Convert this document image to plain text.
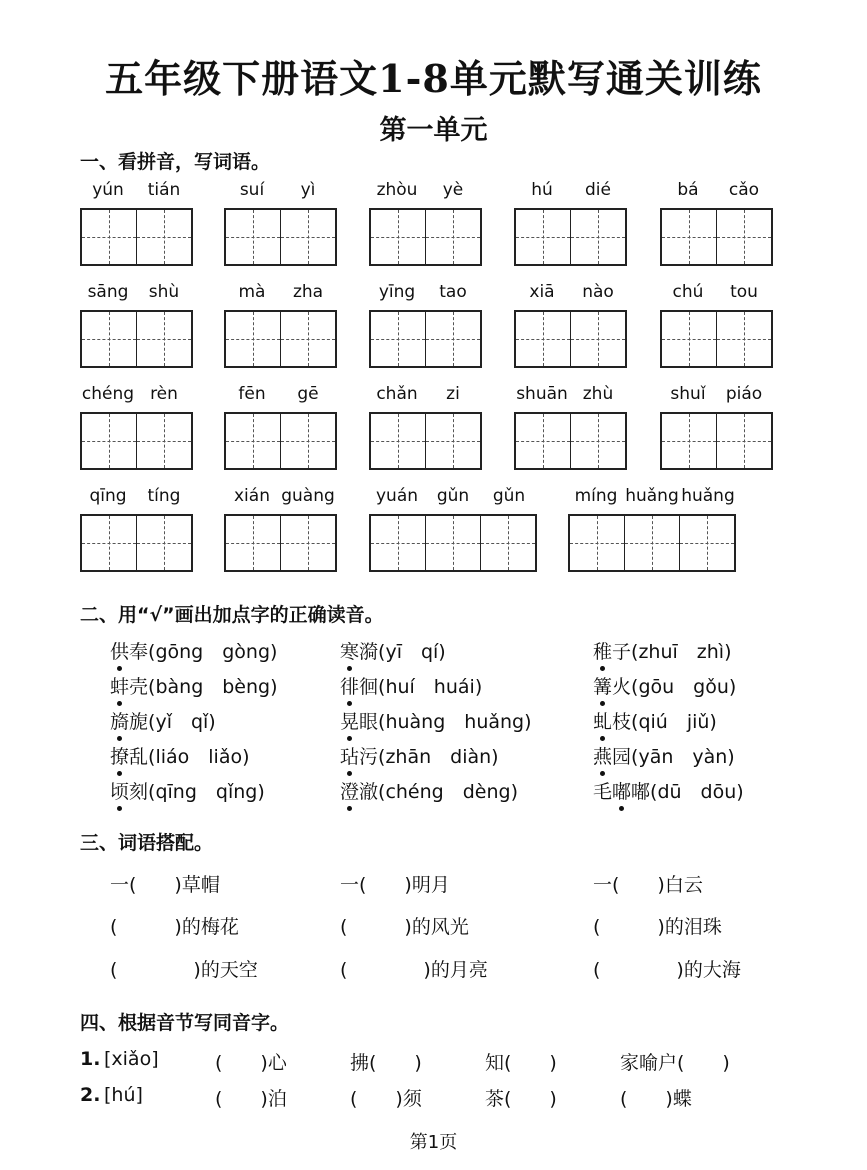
五年级下册语文1-8单元默写通关训练
第一单元
一、看拼音，写词语。
yún	tián	suí	yì	zhòu	yè	hú	dié	bá	cǎo
sāng	shù	mà	zha	yīng	tao	xiā	nào	chú	tou
chéng rèn	fēn	gē	chǎn	zi	shuān zhù	shuǐ	piáo
qīng	tíng	xián guàng	yuán	gǔn	gǔn	míng huǎng huǎng
二、用“√”画出加点字的正确读音。
供奉(gōng　gòng)	寒漪(yī　qí)	稚子(zhuī　zhì)
蚌壳(bàng　bèng)	徘徊(huí　huái)	篝火(gōu　gǒu)
旖旎(yǐ　qǐ)	晃眼(huàng　huǎng)	虬枝(qiú　jiǔ)
撩乱(liáo　liǎo)	玷污(zhān　diàn)	燕园(yān　yàn)
顷刻(qīng　qǐng)	澄澈(chéng　dèng)	毛嘟嘟(dū　dōu)
三、词语搭配。
一(　　)草帽	一(　　)明月	一(　　)白云
(　　　)的梅花	(　　　)的风光	(　　　)的泪珠
(　　　　)的天空	(　　　　)的月亮	(　　　　)的大海
四、根据音节写同音字。
1. [xiǎo]	(　　)心	拂(　　)	知(　　)	家喻户(　　)
2. [hú]	(　　)泊	(　　)须	茶(　　)	(　　)蝶
第1页
